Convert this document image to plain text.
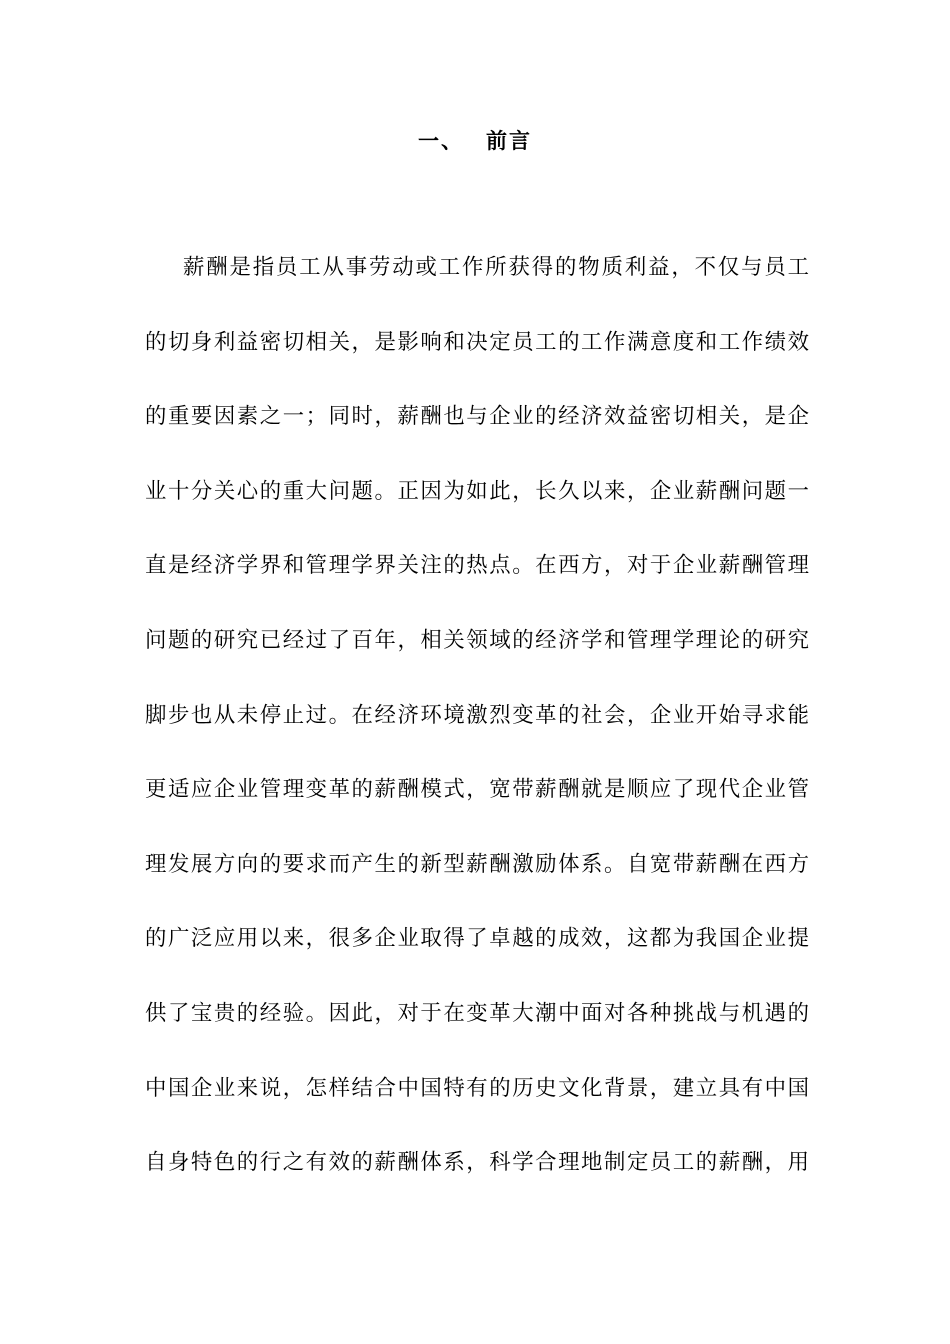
一、 前言
薪酬是指员工从事劳动或工作所获得的物质利益，不仅与员工
的切身利益密切相关，是影响和决定员工的工作满意度和工作绩效
的重要因素之一；同时，薪酬也与企业的经济效益密切相关，是企
业十分关心的重大问题。正因为如此，长久以来，企业薪酬问题一
直是经济学界和管理学界关注的热点。在西方，对于企业薪酬管理
问题的研究已经过了百年，相关领域的经济学和管理学理论的研究
脚步也从未停止过。在经济环境激烈变革的社会，企业开始寻求能
更适应企业管理变革的薪酬模式，宽带薪酬就是顺应了现代企业管
理发展方向的要求而产生的新型薪酬激励体系。自宽带薪酬在西方
的广泛应用以来，很多企业取得了卓越的成效，这都为我国企业提
供了宝贵的经验。因此，对于在变革大潮中面对各种挑战与机遇的
中国企业来说，怎样结合中国特有的历史文化背景，建立具有中国
自身特色的行之有效的薪酬体系，科学合理地制定员工的薪酬，用
